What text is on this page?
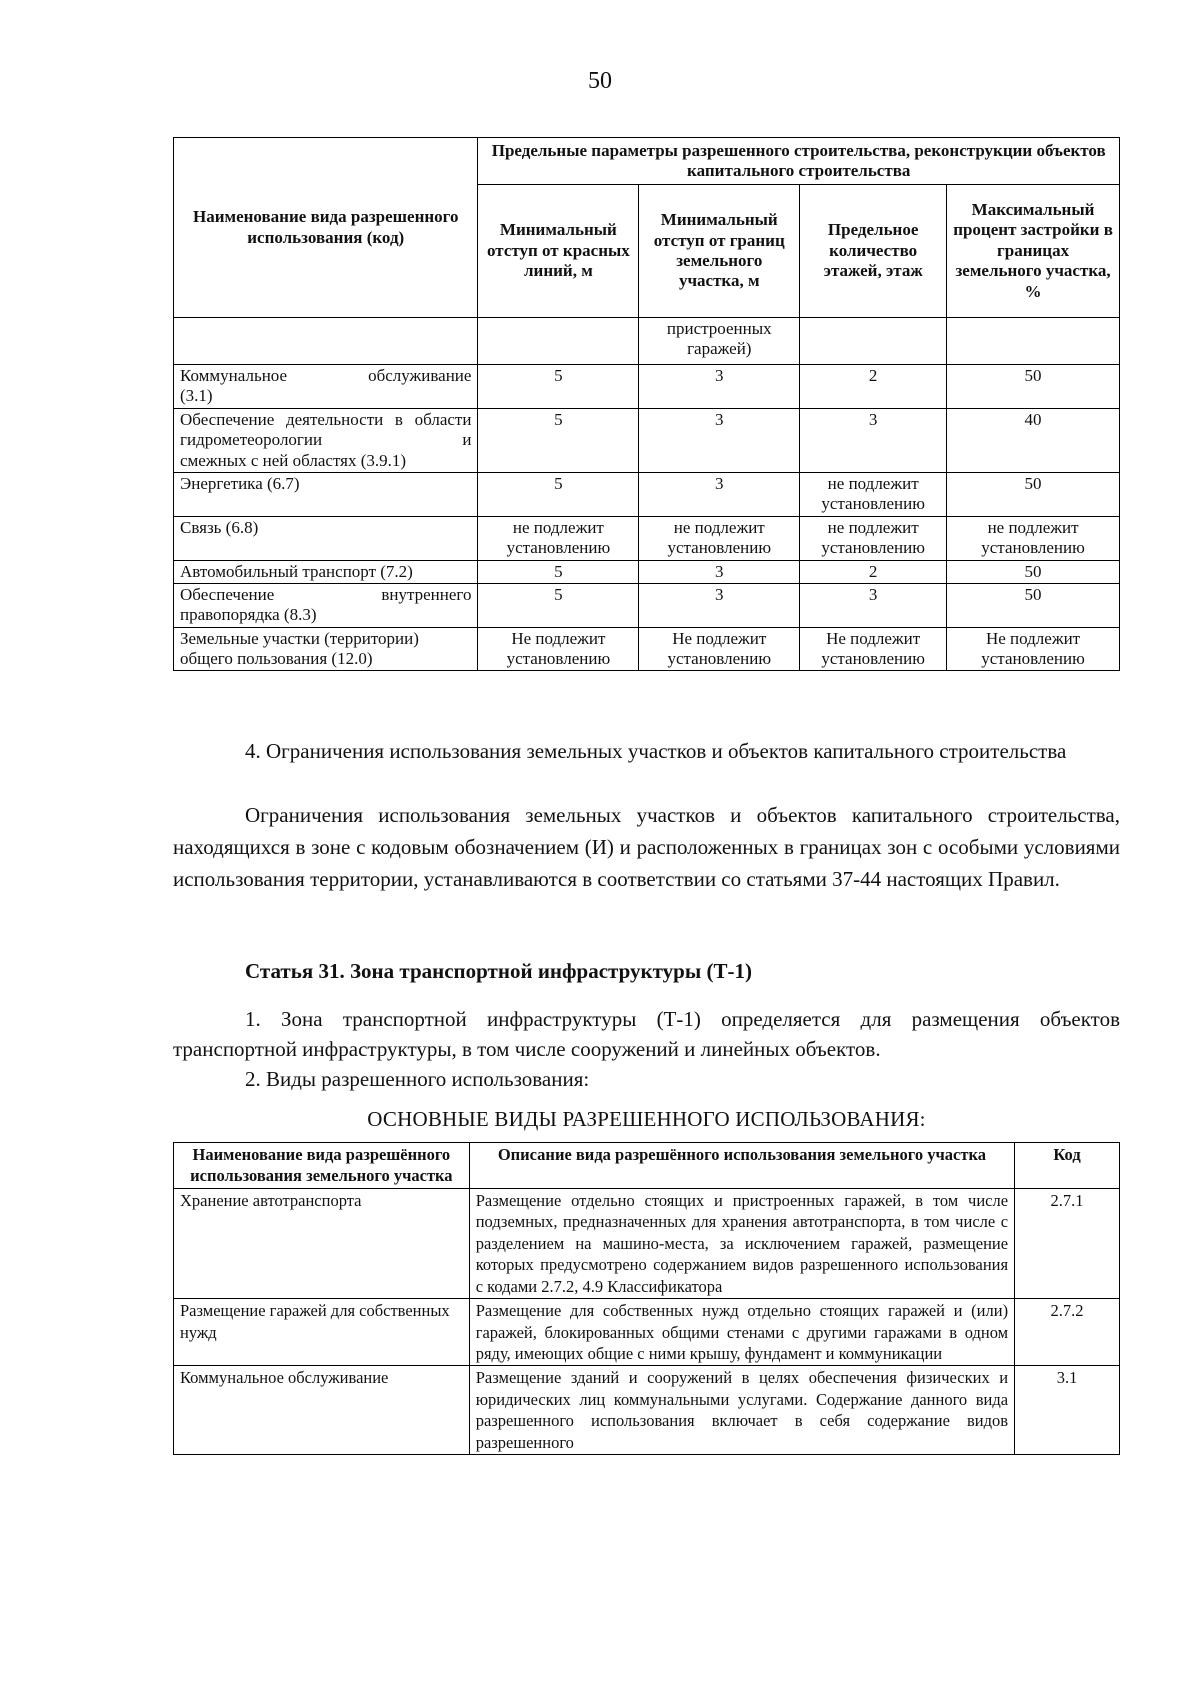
50
Наименование вида разрешенного использования (код)	Предельные параметры разрешенного строительства, реконструкции объектов капитального строительства			
	Минимальный отступ от красных линий, м	Минимальный отступ от границ земельного участка, м	Предельное количество этажей, этаж	Максимальный процент застройки в границах земельного участка, %
		пристроенных гаражей)		
Коммунальное обслуживание
(3.1)	5	3	2	50
Обеспечение деятельности в области гидрометеорологии и
смежных с ней областях (3.9.1)	5	3	3	40
Энергетика (6.7)	5	3	не подлежит установлению	50
Связь (6.8)	не подлежит установлению	не подлежит установлению	не подлежит установлению	не подлежит установлению
Автомобильный транспорт (7.2)	5	3	2	50
Обеспечение внутреннего
правопорядка (8.3)	5	3	3	50
Земельные участки (территории) общего пользования (12.0)	Не подлежит установлению	Не подлежит установлению	Не подлежит установлению	Не подлежит установлению
4. Ограничения использования земельных участков и объектов капитального строительства
Ограничения использования земельных участков и объектов капитального строительства, находящихся в зоне с кодовым обозначением (И) и расположенных в границах зон с особыми условиями использования территории, устанавливаются в соответствии со статьями 37-44 настоящих Правил.
Статья 31. Зона транспортной инфраструктуры (Т-1)
1. Зона транспортной инфраструктуры (Т-1) определяется для размещения объектов транспортной инфраструктуры, в том числе сооружений и линейных объектов.
2. Виды разрешенного использования:
ОСНОВНЫЕ ВИДЫ РАЗРЕШЕННОГО ИСПОЛЬЗОВАНИЯ:
Наименование вида разрешённого использования земельного участка	Описание вида разрешённого использования земельного участка	Код
Хранение автотранспорта	Размещение отдельно стоящих и пристроенных гаражей, в том числе подземных, предназначенных для хранения автотранспорта, в том числе с разделением на машино-места, за исключением гаражей, размещение которых предусмотрено содержанием видов разрешенного использования с кодами 2.7.2, 4.9 Классификатора	2.7.1
Размещение гаражей для собственных нужд	Размещение для собственных нужд отдельно стоящих гаражей и (или) гаражей, блокированных общими стенами с другими гаражами в одном ряду, имеющих общие с ними крышу, фундамент и коммуникации	2.7.2
Коммунальное обслуживание	Размещение зданий и сооружений в целях обеспечения физических и юридических лиц коммунальными услугами. Содержание данного вида разрешенного использования включает в себя содержание видов разрешенного	3.1
